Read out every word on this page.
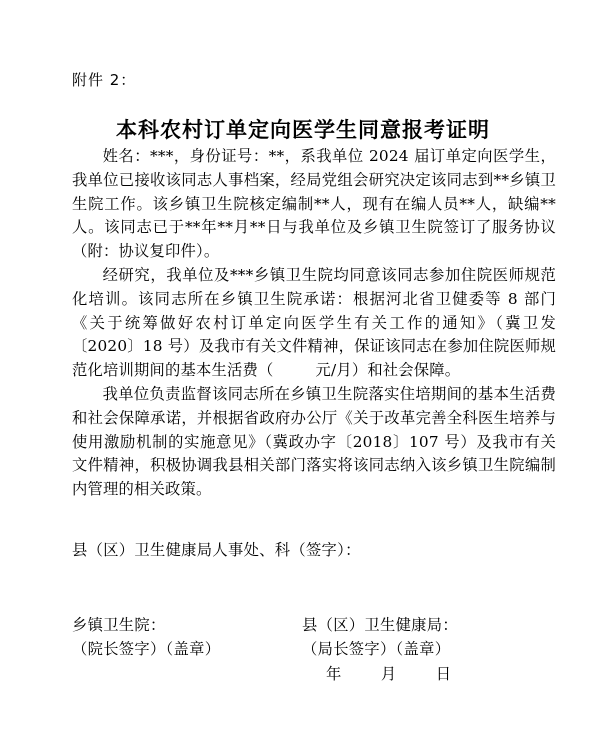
附件 2：
本科农村订单定向医学生同意报考证明

姓名：***，身份证号：**，系我单位 2024 届订单定向医学生，我单位已接收该同志人事档案，经局党组会研究决定该同志到**乡镇卫生院工作。该乡镇卫生院核定编制**人，现有在编人员**人，缺编**人。该同志已于**年**月**日与我单位及乡镇卫生院签订了服务协议（附：协议复印件）。

经研究，我单位及***乡镇卫生院均同意该同志参加住院医师规范化培训。该同志所在乡镇卫生院承诺：根据河北省卫健委等 8 部门《关于统筹做好农村订单定向医学生有关工作的通知》（冀卫发〔2020〕18 号）及我市有关文件精神，保证该同志在参加住院医师规范化培训期间的基本生活费（	元/月）和社会保障。

我单位负责监督该同志所在乡镇卫生院落实住培期间的基本生活费和社会保障承诺，并根据省政府办公厅《关于改革完善全科医生培养与使用激励机制的实施意见》（冀政办字〔2018〕107 号）及我市有关文件精神，积极协调我县相关部门落实将该同志纳入该乡镇卫生院编制内管理的相关政策。

县（区）卫生健康局人事处、科（签字）：
乡镇卫生院：
（院长签字）（盖章）
县（区）卫生健康局：
（局长签字）（盖章）
年　　月　　日
